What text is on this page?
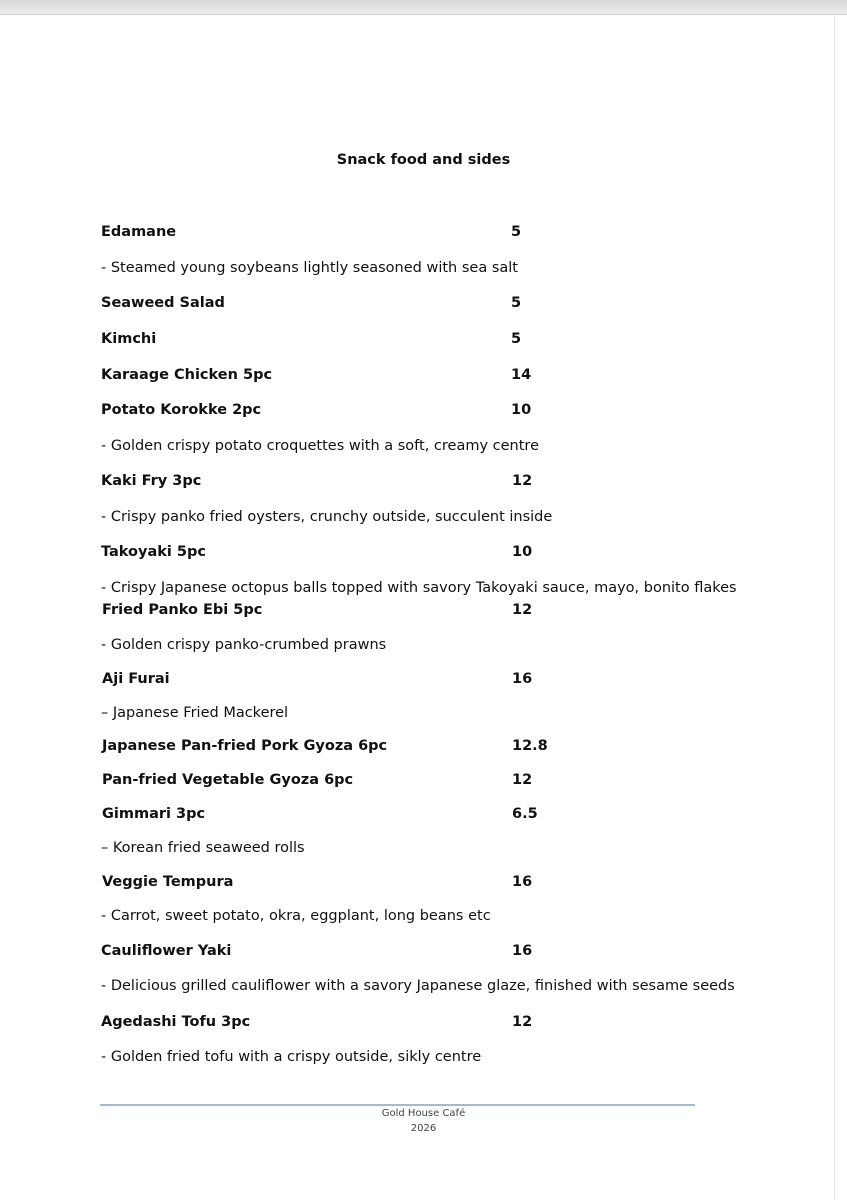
Snack food and sides
Edamane	5
- Steamed young soybeans lightly seasoned with sea salt
Seaweed Salad	5
Kimchi	5
Karaage Chicken 5pc	14
Potato Korokke 2pc	10
- Golden crispy potato croquettes with a soft, creamy centre
Kaki Fry 3pc	12
- Crispy panko fried oysters, crunchy outside, succulent inside
Takoyaki 5pc	10
- Crispy Japanese octopus balls topped with savory Takoyaki sauce, mayo, bonito flakes
Fried Panko Ebi 5pc	12
- Golden crispy panko-crumbed prawns
Aji Furai	16
– Japanese Fried Mackerel
Japanese Pan-fried Pork Gyoza 6pc	12.8
Pan-fried Vegetable Gyoza 6pc	12
Gimmari 3pc	6.5
– Korean fried seaweed rolls
Veggie Tempura	16
- Carrot, sweet potato, okra, eggplant, long beans etc
Cauliflower Yaki	16
- Delicious grilled cauliflower with a savory Japanese glaze, finished with sesame seeds
Agedashi Tofu 3pc	12
- Golden fried tofu with a crispy outside, sikly centre
Gold House Café
2026
